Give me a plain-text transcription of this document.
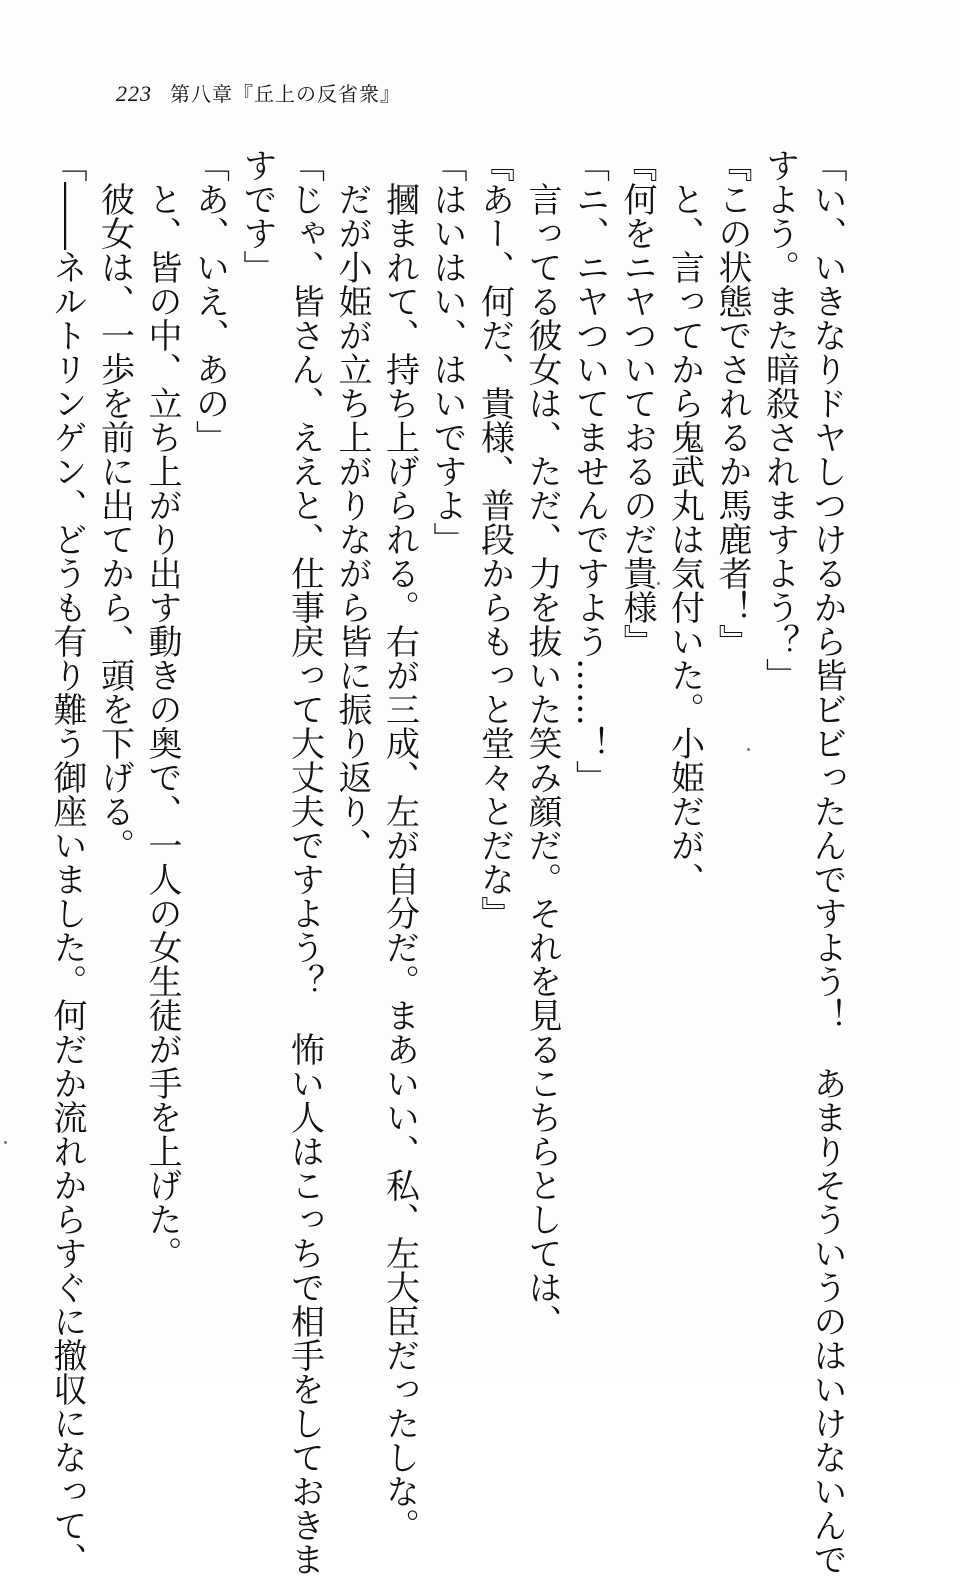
223 第八章『丘上の反省衆』

「い、いきなりドヤしつけるから皆ビビったんですよう！　あまりそういうのはいけないんで

すよう。また暗殺されますよう？」

『この状態でされるか馬鹿者！』

　と、言ってから鬼武丸は気付いた。小姫だが、

『何をニヤついておるのだ貴様』

「ニ、ニヤついてませんですよう……！」

　言ってる彼女は、ただ、力を抜いた笑み顔だ。それを見るこちらとしては、

『あー、何だ、貴様、普段からもっと堂々とだな』

「はいはい、はいですよ」

　摑まれて、持ち上げられる。右が三成、左が自分だ。まあいい、私、左大臣だったしな。

　だが小姫が立ち上がりながら皆に振り返り、

「じゃ、皆さん、ええと、仕事戻って大丈夫ですよう？　怖い人はこっちで相手をしておきま

すです」

「あ、いえ、あの」

　と、皆の中、立ち上がり出す動きの奥で、一人の女生徒が手を上げた。

　彼女は、一歩を前に出てから、頭を下げる。

「――ネルトリンゲン、どうも有り難う御座いました。何だか流れからすぐに撤収になって、
